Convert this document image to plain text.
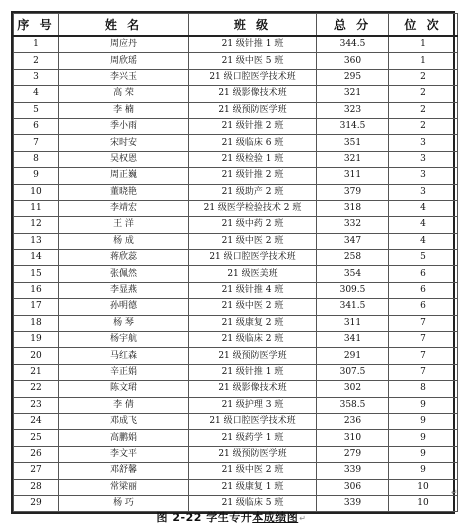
序 号	姓 名	班 级	总 分	位 次
1	周应丹	21 级针推 1 班	344.5	1
2	周欣瑶	21 级中医 5 班	360	1
3	李兴玉	21 级口腔医学技术班	295	2
4	高 荣	21 级影像技术班	321	2
5	李 楠	21 级预防医学班	323	2
6	季小雨	21 级针推 2 班	314.5	2
7	宋时安	21 级临床 6 班	351	3
8	吴权恩	21 级检验 1 班	321	3
9	周正巍	21 级针推 2 班	311	3
10	董晓艳	21 级助产 2 班	379	3
11	李靖宏	21 级医学检验技术 2 班	318	4
12	王 洋	21 级中药 2 班	332	4
13	杨 成	21 级中医 2 班	347	4
14	蒋欣蕊	21 级口腔医学技术班	258	5
15	张佩然	21 级医美班	354	6
16	李显燕	21 级针推 4 班	309.5	6
17	孙明德	21 级中医 2 班	341.5	6
18	杨 琴	21 级康复 2 班	311	7
19	杨宇航	21 级临床 2 班	341	7
20	马红森	21 级预防医学班	291	7
21	辛正娟	21 级针推 1 班	307.5	7
22	陈文珺	21 级影像技术班	302	8
23	李 倩	21 级护理 3 班	358.5	9
24	邓成飞	21 级口腔医学技术班	236	9
25	高鹏娟	21 级药学 1 班	310	9
26	李文平	21 级预防医学班	279	9
27	邓舒馨	21 级中医 2 班	339	9
28	常梁丽	21 级康复 1 班	306	10
29	杨 巧	21 级临床 5 班	339	10
↵
图 2-22 学生专升本成绩图↵
